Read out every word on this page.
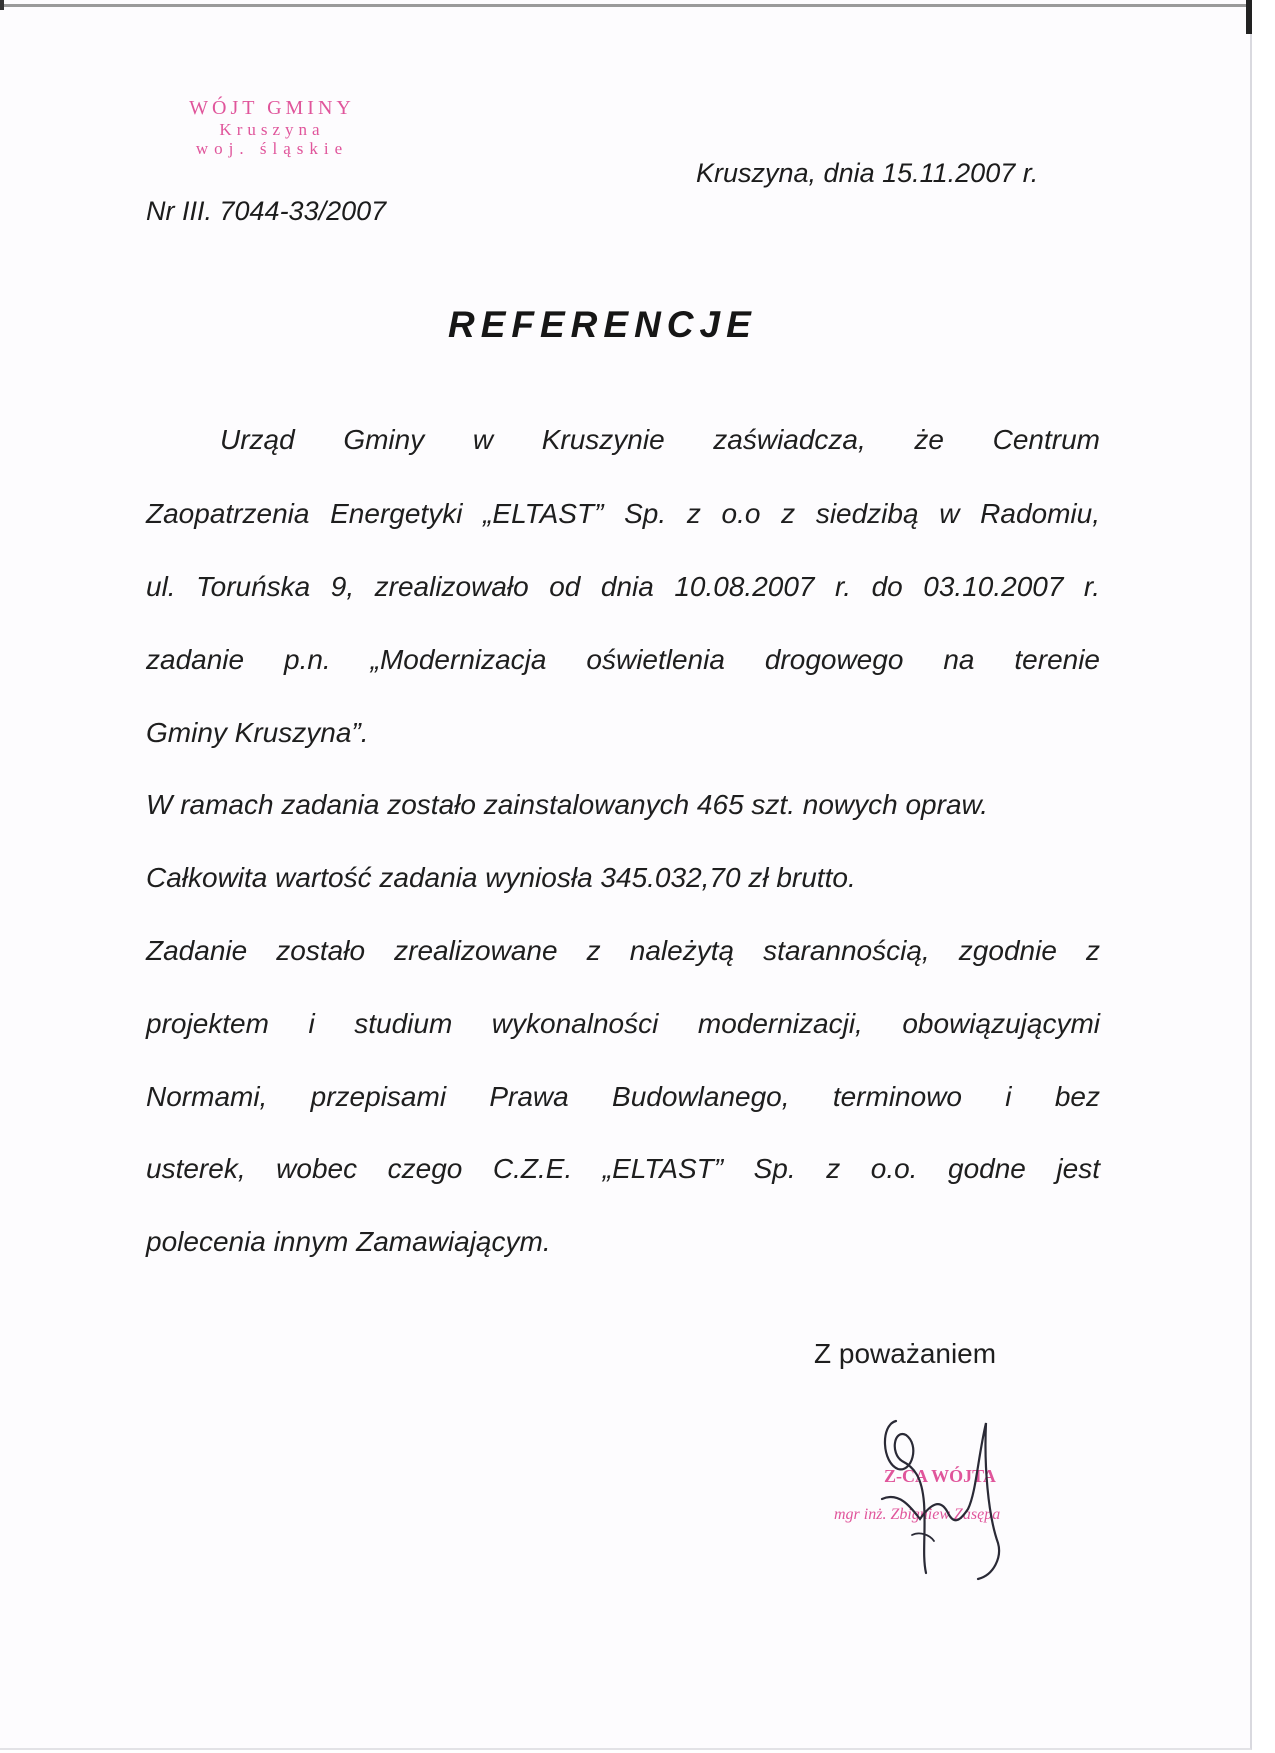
WÓJT GMINY
Kruszyna
woj. śląskie
Kruszyna, dnia 15.11.2007 r.
Nr III. 7044-33/2007
REFERENCJE
Urząd Gminy w Kruszynie zaświadcza, że Centrum
Zaopatrzenia Energetyki „ELTAST” Sp. z o.o z siedzibą w Radomiu,
ul. Toruńska 9, zrealizowało od dnia 10.08.2007 r. do 03.10.2007 r.
zadanie p.n. „Modernizacja oświetlenia drogowego na terenie
Gminy Kruszyna”.
W ramach zadania zostało zainstalowanych 465 szt. nowych opraw.
Całkowita wartość zadania wyniosła 345.032,70 zł brutto.
Zadanie zostało zrealizowane z należytą starannością, zgodnie z
projektem i studium wykonalności modernizacji, obowiązującymi
Normami, przepisami Prawa Budowlanego, terminowo i bez
usterek, wobec czego C.Z.E. „ELTAST” Sp. z o.o. godne jest
polecenia innym Zamawiającym.
Z poważaniem
Z-CA WÓJTA
mgr inż. Zbigniew Zasępa
